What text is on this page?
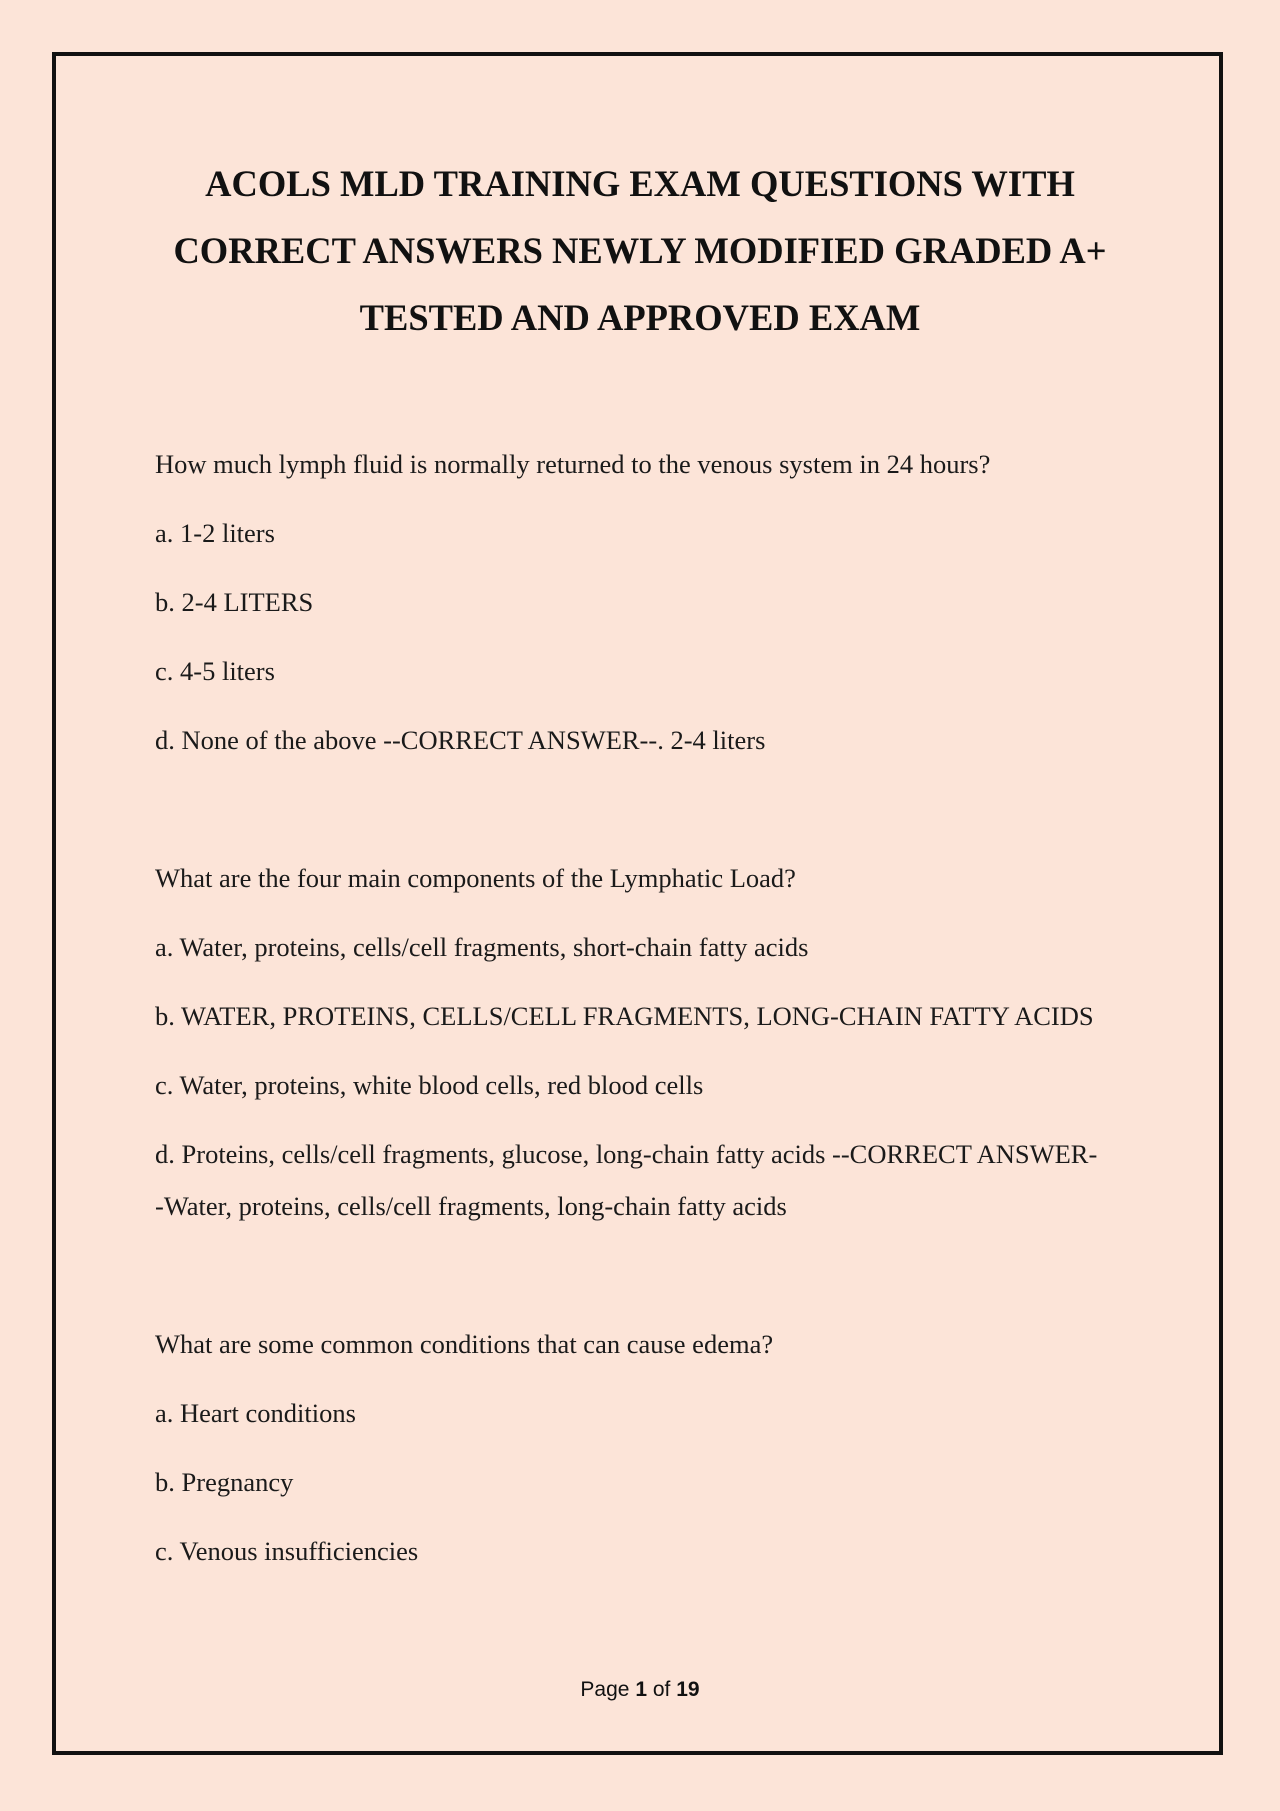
ACOLS MLD TRAINING EXAM QUESTIONS WITH CORRECT ANSWERS NEWLY MODIFIED GRADED A+ TESTED AND APPROVED EXAM

How much lymph fluid is normally returned to the venous system in 24 hours?

a. 1-2 liters

b. 2-4 LITERS

c. 4-5 liters

d. None of the above --CORRECT ANSWER--. 2-4 liters

What are the four main components of the Lymphatic Load?

a. Water, proteins, cells/cell fragments, short-chain fatty acids

b. WATER, PROTEINS, CELLS/CELL FRAGMENTS, LONG-CHAIN FATTY ACIDS

c. Water, proteins, white blood cells, red blood cells

d. Proteins, cells/cell fragments, glucose, long-chain fatty acids --CORRECT ANSWER--Water, proteins, cells/cell fragments, long-chain fatty acids

What are some common conditions that can cause edema?

a. Heart conditions

b. Pregnancy

c. Venous insufficiencies

Page 1 of 19
